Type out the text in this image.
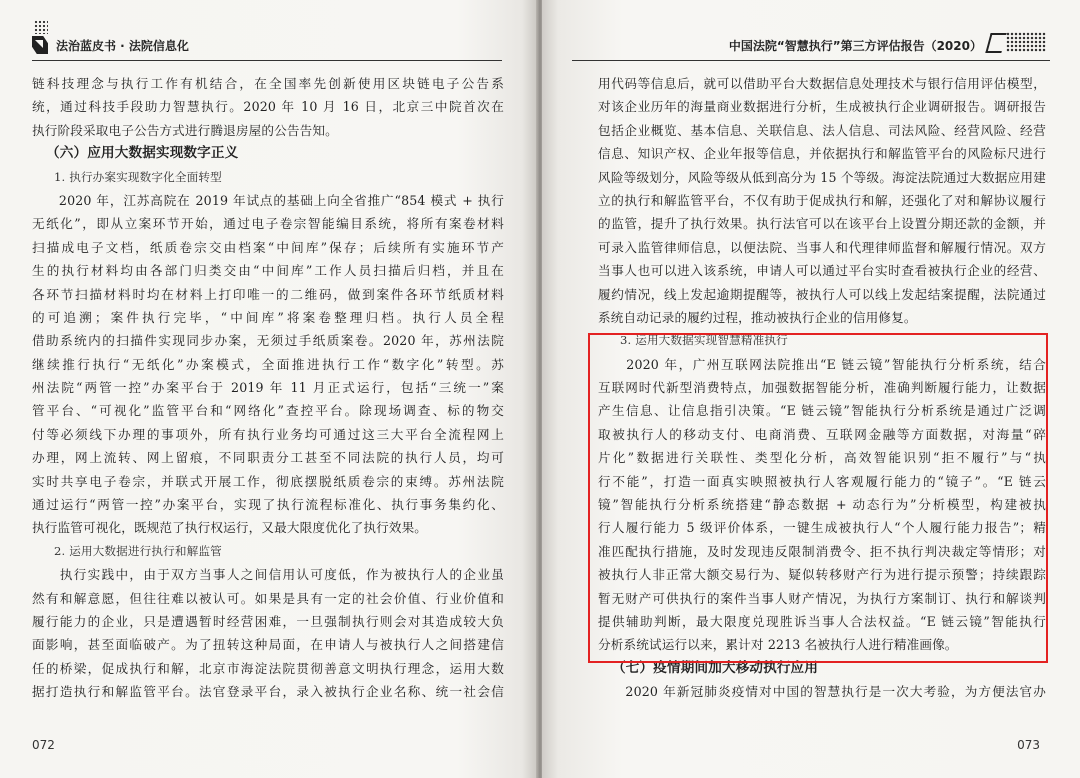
法治蓝皮书 · 法院信息化
链科技理念与执行工作有机结合，在全国率先创新使用区块链电子公告系
统，通过科技手段助力智慧执行。2020 年 10 月 16 日，北京三中院首次在
执行阶段采取电子公告方式进行腾退房屋的公告告知。
（六）应用大数据实现数字正义
1. 执行办案实现数字化全面转型
　　2020 年，江苏高院在 2019 年试点的基础上向全省推广“854 模式 + 执行
无纸化”，即从立案环节开始，通过电子卷宗智能编目系统，将所有案卷材料
扫描成电子文档，纸质卷宗交由档案“中间库”保存；后续所有实施环节产
生的执行材料均由各部门归类交由“中间库”工作人员扫描后归档，并且在
各环节扫描材料时均在材料上打印唯一的二维码，做到案件各环节纸质材料
的可追溯；案件执行完毕，“中间库”将案卷整理归档。执行人员全程
借助系统内的扫描件实现同步办案，无须过手纸质案卷。2020 年，苏州法院
继续推行执行“无纸化”办案模式，全面推进执行工作“数字化”转型。苏
州法院“两管一控”办案平台于 2019 年 11 月正式运行，包括“三统一”案
管平台、“可视化”监管平台和“网络化”查控平台。除现场调查、标的物交
付等必须线下办理的事项外，所有执行业务均可通过这三大平台全流程网上
办理，网上流转、网上留痕，不同职责分工甚至不同法院的执行人员，均可
实时共享电子卷宗，并联式开展工作，彻底摆脱纸质卷宗的束缚。苏州法院
通过运行“两管一控”办案平台，实现了执行流程标准化、执行事务集约化、
执行监管可视化，既规范了执行权运行，又最大限度优化了执行效果。
2. 运用大数据进行执行和解监管
　　执行实践中，由于双方当事人之间信用认可度低，作为被执行人的企业虽
然有和解意愿，但往往难以被认可。如果是具有一定的社会价值、行业价值和
履行能力的企业，只是遭遇暂时经营困难，一旦强制执行则会对其造成较大负
面影响，甚至面临破产。为了扭转这种局面，在申请人与被执行人之间搭建信
任的桥梁，促成执行和解，北京市海淀法院贯彻善意文明执行理念，运用大数
据打造执行和解监管平台。法官登录平台，录入被执行企业名称、统一社会信
072
中国法院“智慧执行”第三方评估报告（2020）
用代码等信息后，就可以借助平台大数据信息处理技术与银行信用评估模型，
对该企业历年的海量商业数据进行分析，生成被执行企业调研报告。调研报告
包括企业概览、基本信息、关联信息、法人信息、司法风险、经营风险、经营
信息、知识产权、企业年报等信息，并依据执行和解监管平台的风险标尺进行
风险等级划分，风险等级从低到高分为 15 个等级。海淀法院通过大数据应用建
立的执行和解监管平台，不仅有助于促成执行和解，还强化了对和解协议履行
的监管，提升了执行效果。执行法官可以在该平台上设置分期还款的金额，并
可录入监管律师信息，以便法院、当事人和代理律师监督和解履行情况。双方
当事人也可以进入该系统，申请人可以通过平台实时查看被执行企业的经营、
履约情况，线上发起逾期提醒等，被执行人可以线上发起结案提醒，法院通过
系统自动记录的履约过程，推动被执行企业的信用修复。
3. 运用大数据实现智慧精准执行
　　2020 年，广州互联网法院推出“E 链云镜”智能执行分析系统，结合
互联网时代新型消费特点，加强数据智能分析，准确判断履行能力，让数据
产生信息、让信息指引决策。“E 链云镜”智能执行分析系统是通过广泛调
取被执行人的移动支付、电商消费、互联网金融等方面数据，对海量“碎
片化”数据进行关联性、类型化分析，高效智能识别“拒不履行”与“执
行不能”，打造一面真实映照被执行人客观履行能力的“镜子”。“E 链云
镜”智能执行分析系统搭建“静态数据 + 动态行为”分析模型，构建被执
行人履行能力 5 级评价体系，一键生成被执行人“个人履行能力报告”；精
准匹配执行措施，及时发现违反限制消费令、拒不执行判决裁定等情形；对
被执行人非正常大额交易行为、疑似转移财产行为进行提示预警；持续跟踪
暂无财产可供执行的案件当事人财产情况，为执行方案制订、执行和解谈判
提供辅助判断，最大限度兑现胜诉当事人合法权益。“E 链云镜”智能执行
分析系统试运行以来，累计对 2213 名被执行人进行精准画像。
（七）疫情期间加大移动执行应用
　　2020 年新冠肺炎疫情对中国的智慧执行是一次大考验，为方便法官办
073
